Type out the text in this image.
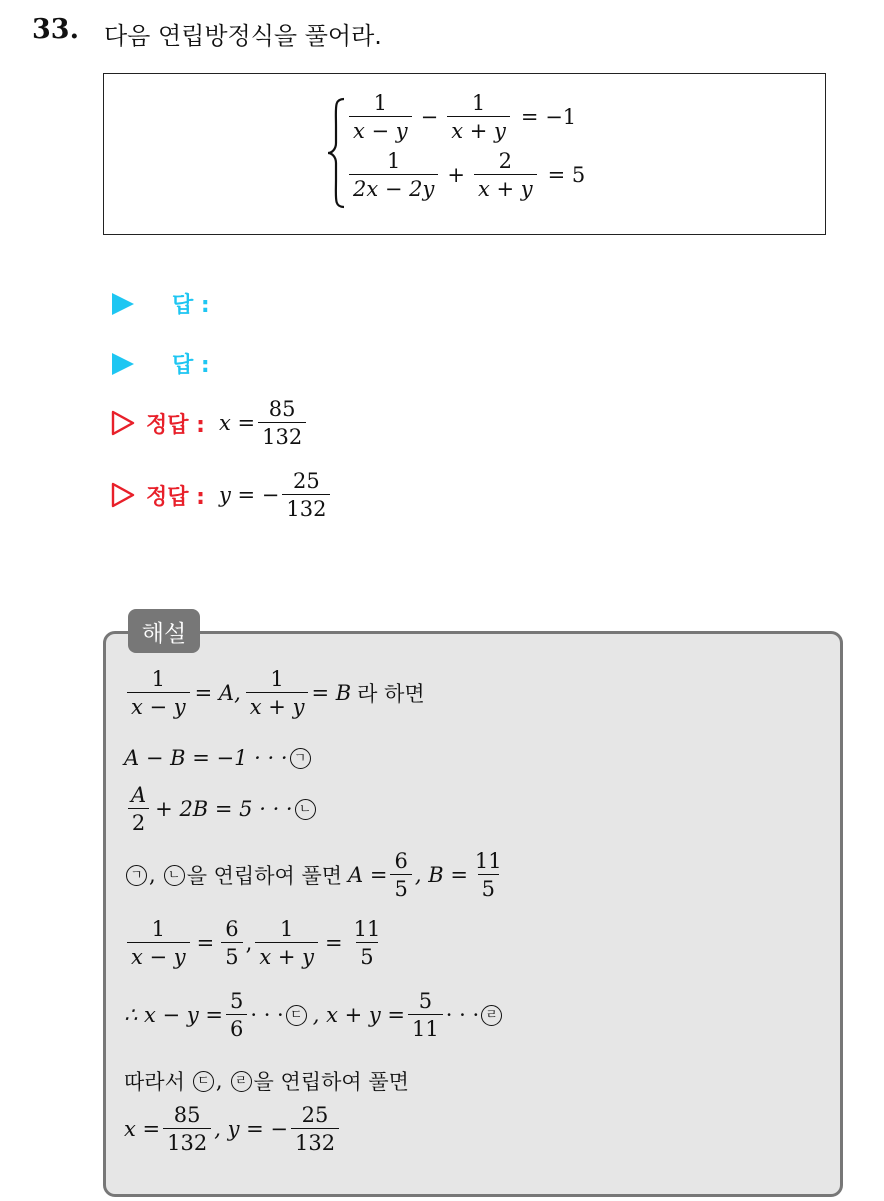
33. 다음 연립방정식을 풀어라.
$\frac{1}{x - y} - \frac{1}{x + y} = -1$
$\frac{1}{2x - 2y} + \frac{2}{x + y} = 5$
답 :
답 :
정답 : $x = \frac{85}{132}$
정답 : y = − $\frac{25}{132}$
해설
$\frac{1}{x - y} = A$, $\frac{1}{x + y} = B$ 라 하면
A − B = −1 · · · ㄱ
$\frac{A}{2} + 2B = 5$ · · · ㄴ
ㄱ , ㄴ 을 연립하여 풀면 $A = \frac{6}{5}$ , $B = \frac{11}{5}$
$\frac{1}{x - y} = \frac{6}{5}$ , $\frac{1}{x + y} = \frac{11}{5}$
∴ $x - y = \frac{5}{6}$ · · · ㄷ , $x + y = \frac{5}{11}$ · · · ㄹ
따라서 ㄷ , ㄹ 을 연립하여 풀면
$x = \frac{85}{132}$ , y = − $\frac{25}{132}$
